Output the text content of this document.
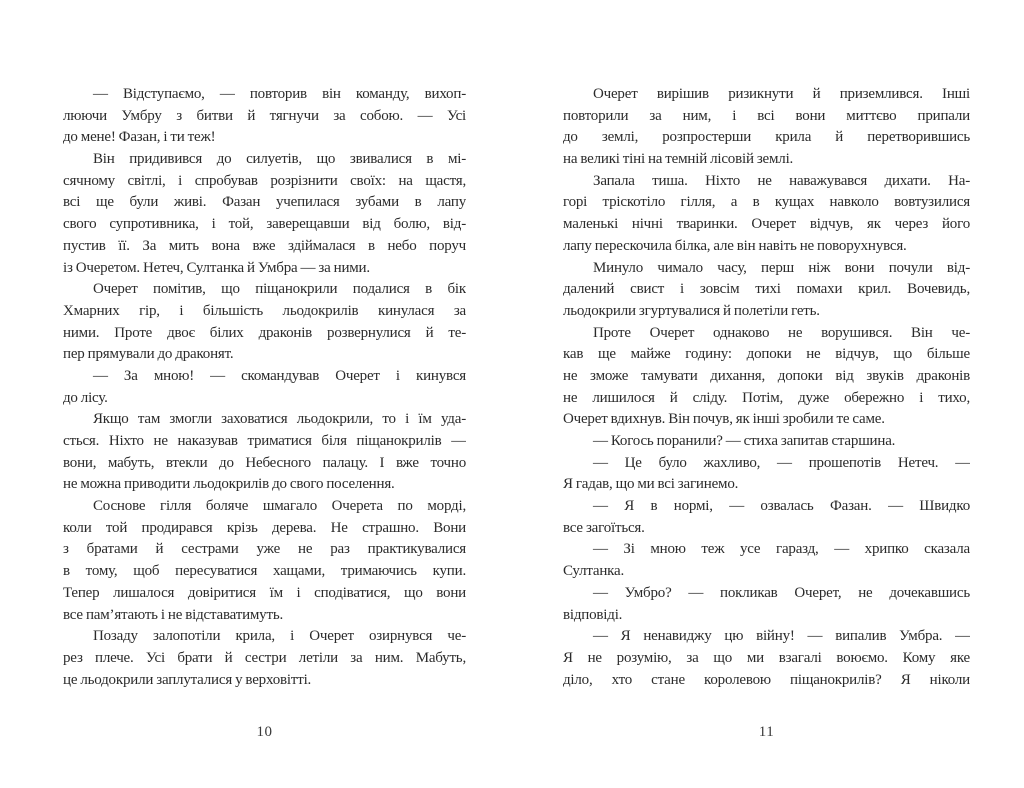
— Відступаємо, — повторив він команду, вихоп-
люючи Умбру з битви й тягнучи за собою. — Усі
до мене! Фазан, і ти теж!
Він придивився до силуетів, що звивалися в мі-
сячному світлі, і спробував розрізнити своїх: на щастя,
всі ще були живі. Фазан учепилася зубами в лапу
свого супротивника, і той, заверещавши від болю, від-
пустив її. За мить вона вже здіймалася в небо поруч
із Очеретом. Нетеч, Султанка й Умбра — за ними.
Очерет помітив, що піщанокрили подалися в бік
Хмарних гір, і більшість льодокрилів кинулася за
ними. Проте двоє білих драконів розвернулися й те-
пер прямували до драконят.
— За мною! — скомандував Очерет і кинувся
до лісу.
Якщо там змогли заховатися льодокрили, то і їм уда-
сться. Ніхто не наказував триматися біля піщанокрилів —
вони, мабуть, втекли до Небесного палацу. І вже точно
не можна приводити льодокрилів до свого поселення.
Соснове гілля боляче шмагало Очерета по морді,
коли той продирався крізь дерева. Не страшно. Вони
з братами й сестрами уже не раз практикувалися
в тому, щоб пересуватися хащами, тримаючись купи.
Тепер лишалося довіритися їм і сподіватися, що вони
все пам’ятають і не відставатимуть.
Позаду залопотіли крила, і Очерет озирнувся че-
рез плече. Усі брати й сестри летіли за ним. Мабуть,
це льодокрили заплуталися у верховітті.
10
Очерет вирішив ризикнути й приземлився. Інші
повторили за ним, і всі вони миттєво припали
до землі, розпростерши крила й перетворившись
на великі тіні на темній лісовій землі.
Запала тиша. Ніхто не наважувався дихати. На-
горі тріскотіло гілля, а в кущах навколо вовтузилися
маленькі нічні тваринки. Очерет відчув, як через його
лапу перескочила білка, але він навіть не поворухнувся.
Минуло чимало часу, перш ніж вони почули від-
далений свист і зовсім тихі помахи крил. Вочевидь,
льодокрили згуртувалися й полетіли геть.
Проте Очерет однаково не ворушився. Він че-
кав ще майже годину: допоки не відчув, що більше
не зможе тамувати дихання, допоки від звуків драконів
не лишилося й сліду. Потім, дуже обережно і тихо,
Очерет вдихнув. Він почув, як інші зробили те саме.
— Когось поранили? — стиха запитав старшина.
— Це було жахливо, — прошепотів Нетеч. —
Я гадав, що ми всі загинемо.
— Я в нормі, — озвалась Фазан. — Швидко
все загоїться.
— Зі мною теж усе гаразд, — хрипко сказала
Султанка.
— Умбро? — покликав Очерет, не дочекавшись
відповіді.
— Я ненавиджу цю війну! — випалив Умбра. —
Я не розумію, за що ми взагалі воюємо. Кому яке
діло, хто стане королевою піщанокрилів? Я ніколи
11
